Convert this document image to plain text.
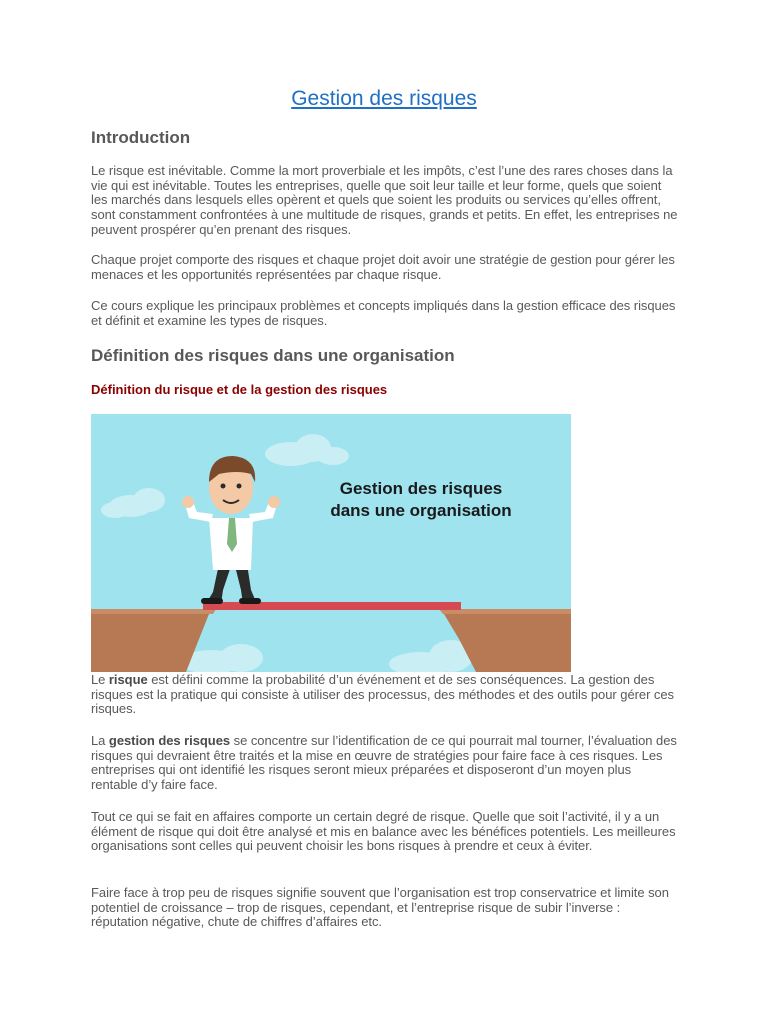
Gestion des risques
Introduction

Le risque est inévitable. Comme la mort proverbiale et les impôts, c’est l’une des rares choses dans la vie qui est inévitable. Toutes les entreprises, quelle que soit leur taille et leur forme, quels que soient les marchés dans lesquels elles opèrent et quels que soient les produits ou services qu’elles offrent, sont constamment confrontées à une multitude de risques, grands et petits. En effet, les entreprises ne peuvent prospérer qu’en prenant des risques.

Chaque projet comporte des risques et chaque projet doit avoir une stratégie de gestion pour gérer les menaces et les opportunités représentées par chaque risque.

Ce cours explique les principaux problèmes et concepts impliqués dans la gestion efficace des risques et définit et examine les types de risques.

Définition des risques dans une organisation
Définition du risque et de la gestion des risques
Gestion des risques
dans une organisation

Le risque est défini comme la probabilité d’un événement et de ses conséquences. La gestion des risques est la pratique qui consiste à utiliser des processus, des méthodes et des outils pour gérer ces risques.

La gestion des risques se concentre sur l’identification de ce qui pourrait mal tourner, l’évaluation des risques qui devraient être traités et la mise en œuvre de stratégies pour faire face à ces risques. Les entreprises qui ont identifié les risques seront mieux préparées et disposeront d’un moyen plus rentable d’y faire face.

Tout ce qui se fait en affaires comporte un certain degré de risque. Quelle que soit l’activité, il y a un élément de risque qui doit être analysé et mis en balance avec les bénéfices potentiels. Les meilleures organisations sont celles qui peuvent choisir les bons risques à prendre et ceux à éviter.

Faire face à trop peu de risques signifie souvent que l’organisation est trop conservatrice et limite son potentiel de croissance – trop de risques, cependant, et l’entreprise risque de subir l’inverse : réputation négative, chute de chiffres d’affaires etc.
